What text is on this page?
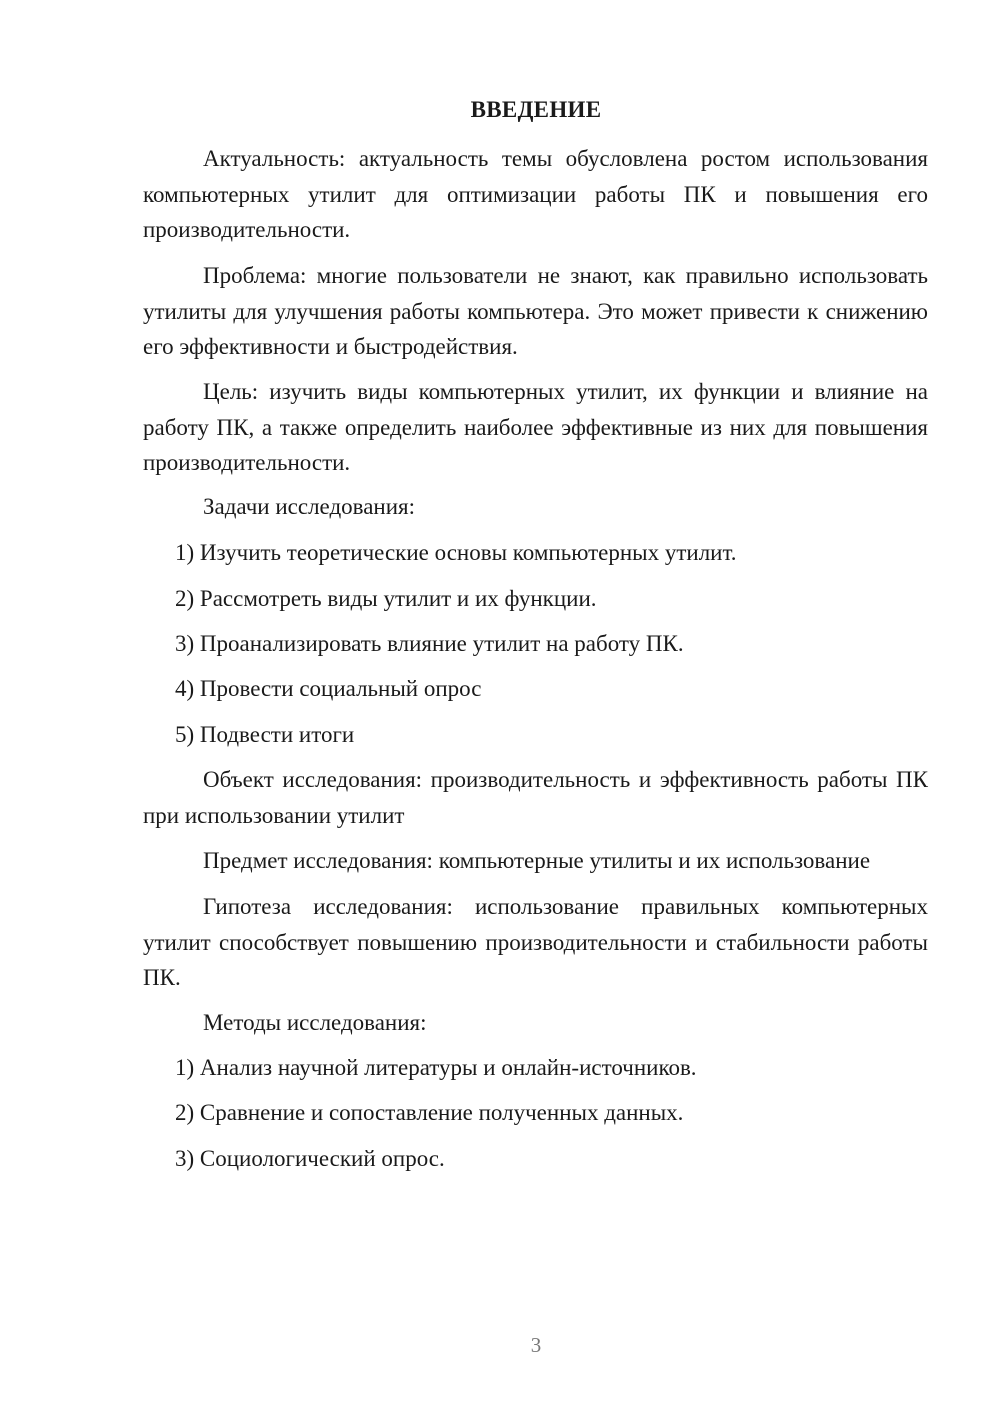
ВВЕДЕНИЕ

Актуальность: актуальность темы обусловлена ростом использования компьютерных утилит для оптимизации работы ПК и повышения его производительности.

Проблема: многие пользователи не знают, как правильно использовать утилиты для улучшения работы компьютера. Это может привести к снижению его эффективности и быстродействия.

Цель: изучить виды компьютерных утилит, их функции и влияние на работу ПК, а также определить наиболее эффективные из них для повышения производительности.

Задачи исследования:

1) Изучить теоретические основы компьютерных утилит.

2) Рассмотреть виды утилит и их функции.

3) Проанализировать влияние утилит на работу ПК.

4) Провести социальный опрос

5) Подвести итоги

Объект исследования: производительность и эффективность работы ПК при использовании утилит

Предмет исследования: компьютерные утилиты и их использование

Гипотеза исследования: использование правильных компьютерных утилит способствует повышению производительности и стабильности работы ПК.

Методы исследования:

1) Анализ научной литературы и онлайн-источников.

2) Сравнение и сопоставление полученных данных.

3) Социологический опрос.

3
